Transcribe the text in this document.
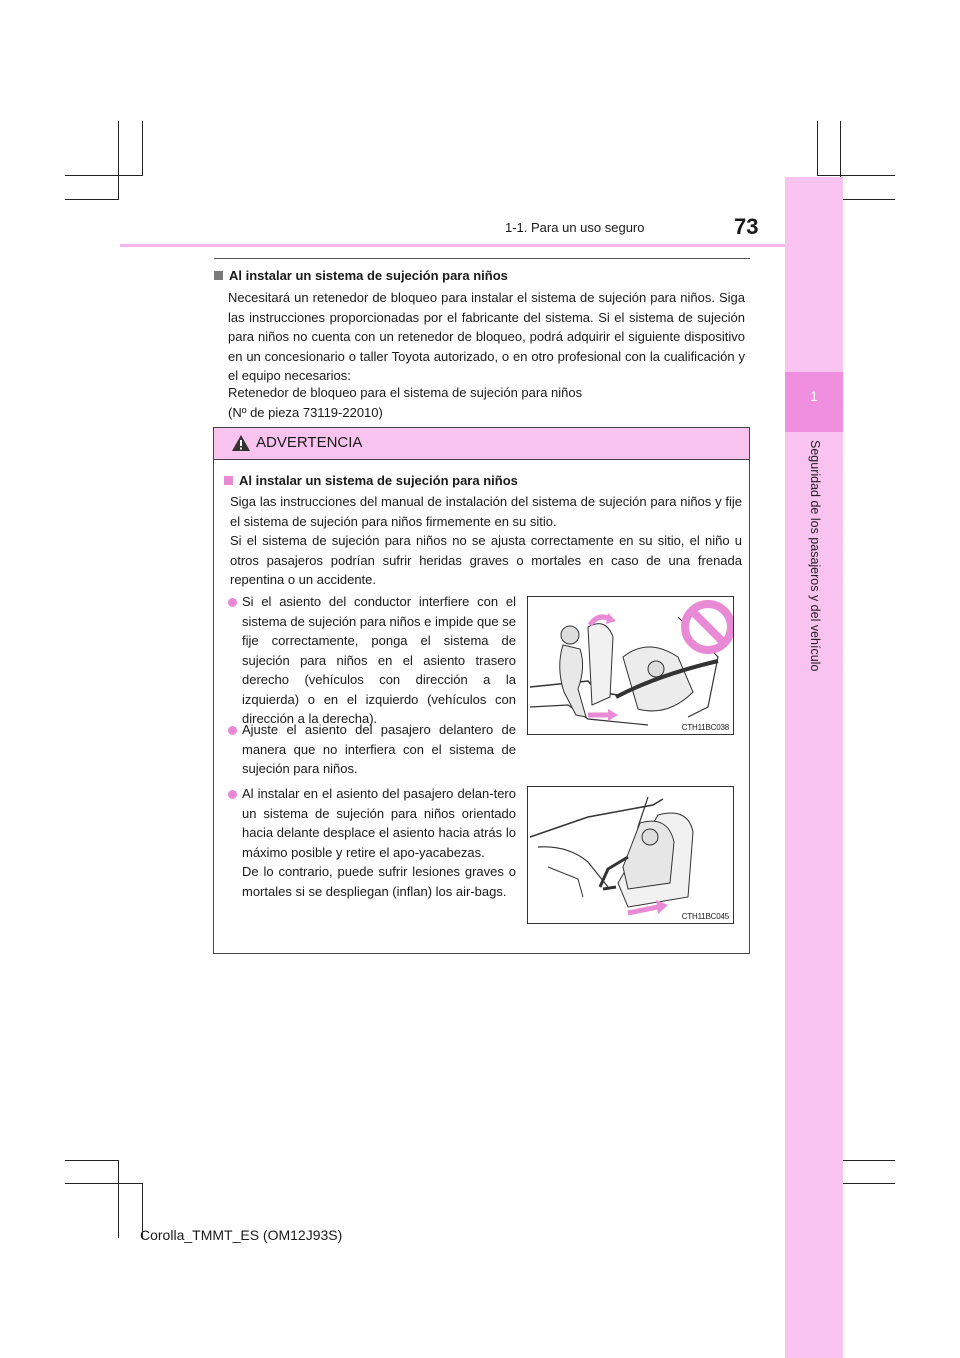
1
Seguridad de los pasajeros y del vehículo
1-1. Para un uso seguro	73
Al instalar un sistema de sujeción para niños
Necesitará un retenedor de bloqueo para instalar el sistema de sujeción para niños. Siga las instrucciones proporcionadas por el fabricante del sistema. Si el sistema de sujeción para niños no cuenta con un retenedor de bloqueo, podrá adquirir el siguiente dispositivo en un concesionario o taller Toyota autorizado, o en otro profesional con la cualificación y el equipo necesarios:
Retenedor de bloqueo para el sistema de sujeción para niños
(Nº de pieza 73119-22010)
ADVERTENCIA
Al instalar un sistema de sujeción para niños
Siga las instrucciones del manual de instalación del sistema de sujeción para niños y fije el sistema de sujeción para niños firmemente en su sitio.
Si el sistema de sujeción para niños no se ajusta correctamente en su sitio, el niño u otros pasajeros podrían sufrir heridas graves o mortales en caso de una frenada repentina o un accidente.
Si el asiento del conductor interfiere con el sistema de sujeción para niños e impide que se fije correctamente, ponga el sistema de sujeción para niños en el asiento trasero derecho (vehículos con dirección a la izquierda) o en el izquierdo (vehículos con dirección a la derecha).
Ajuste el asiento del pasajero delantero de manera que no interfiera con el sistema de sujeción para niños.
Al instalar en el asiento del pasajero delan-tero un sistema de sujeción para niños orientado hacia delante desplace el asiento hacia atrás lo máximo posible y retire el apo-yacabezas.
De lo contrario, puede sufrir lesiones graves o mortales si se despliegan (inflan) los air-bags.
CTH11BC038
CTH11BC045
Corolla_TMMT_ES (OM12J93S)
